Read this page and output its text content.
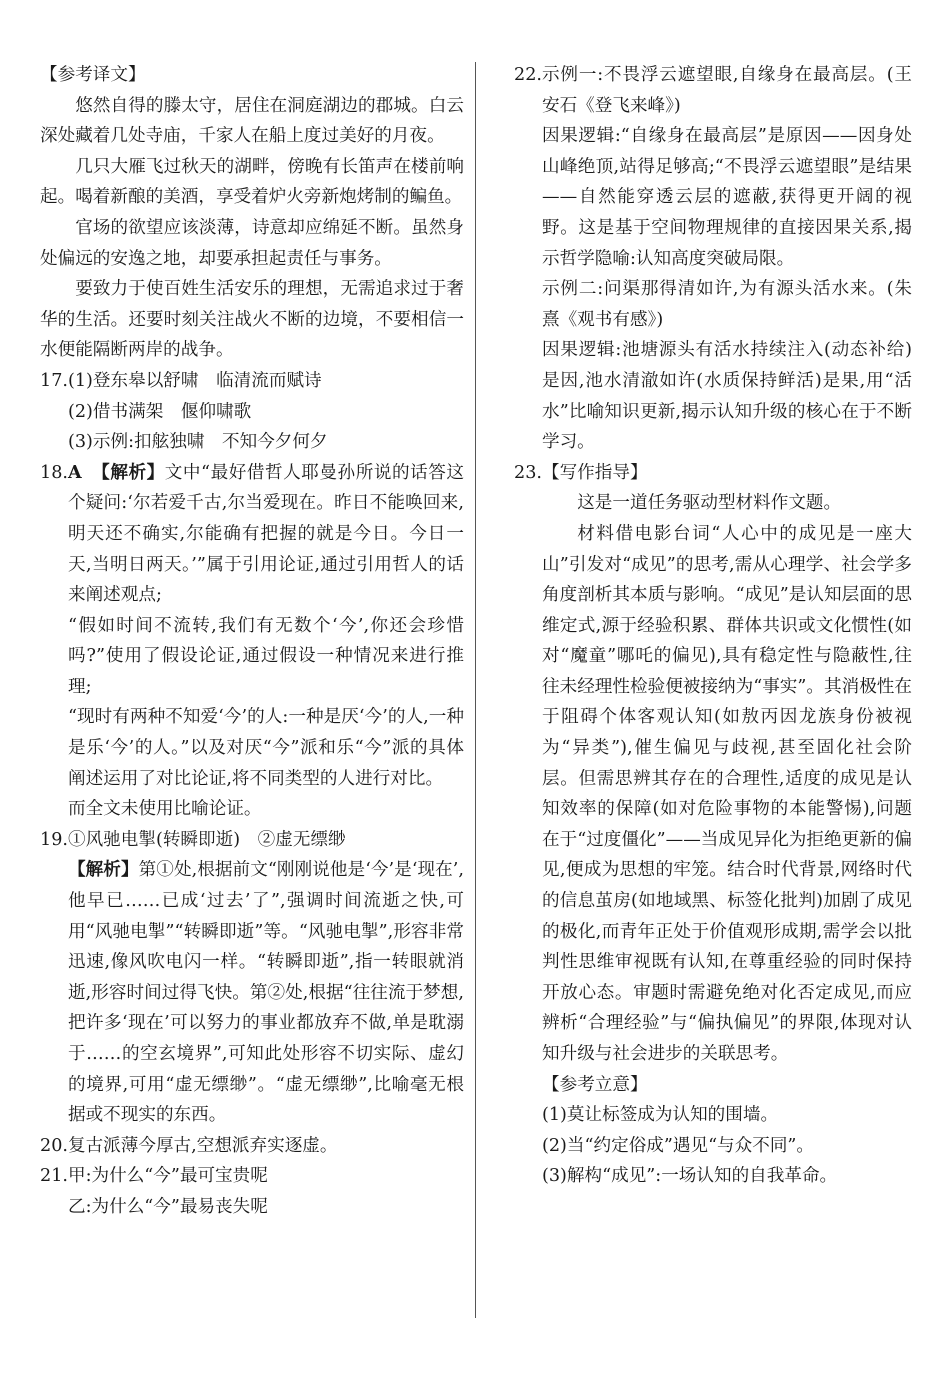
【参考译文】

悠然自得的滕太守，居住在洞庭湖边的郡城。白云深处藏着几处寺庙，千家人在船上度过美好的月夜。

几只大雁飞过秋天的湖畔，傍晚有长笛声在楼前响起。喝着新酿的美酒，享受着炉火旁新炮烤制的鳊鱼。

官场的欲望应该淡薄，诗意却应绵延不断。虽然身处偏远的安逸之地，却要承担起责任与事务。

要致力于使百姓生活安乐的理想，无需追求过于奢华的生活。还要时刻关注战火不断的边境，不要相信一水便能隔断两岸的战争。

17. (1)登东皋以舒啸　临清流而赋诗

(2)借书满架　偃仰啸歌

(3)示例:扣舷独啸　不知今夕何夕

18. A 【解析】文中“最好借哲人耶曼孙所说的话答这个疑问:‘尔若爱千古,尔当爱现在。昨日不能唤回来,明天还不确实,尔能确有把握的就是今日。今日一天,当明日两天。’”属于引用论证,通过引用哲人的话来阐述观点;

“假如时间不流转,我们有无数个‘今’,你还会珍惜吗?”使用了假设论证,通过假设一种情况来进行推理;

“现时有两种不知爱‘今’的人:一种是厌‘今’的人,一种是乐‘今’的人。”以及对厌“今”派和乐“今”派的具体阐述运用了对比论证,将不同类型的人进行对比。

而全文未使用比喻论证。

19. ①风驰电掣(转瞬即逝)　②虚无缥缈

【解析】第①处,根据前文“刚刚说他是‘今’是‘现在’,他早已……已成‘过去’了”,强调时间流逝之快,可用“风驰电掣”“转瞬即逝”等。“风驰电掣”,形容非常迅速,像风吹电闪一样。“转瞬即逝”,指一转眼就消逝,形容时间过得飞快。第②处,根据“往往流于梦想,把许多‘现在’可以努力的事业都放弃不做,单是耽溺于……的空玄境界”,可知此处形容不切实际、虚幻的境界,可用“虚无缥缈”。“虚无缥缈”,比喻毫无根据或不现实的东西。

20. 复古派薄今厚古,空想派弃实逐虚。

21. 甲:为什么“今”最可宝贵呢

乙:为什么“今”最易丧失呢

22. 示例一:不畏浮云遮望眼,自缘身在最高层。(王安石《登飞来峰》)

因果逻辑:“自缘身在最高层”是原因——因身处山峰绝顶,站得足够高;“不畏浮云遮望眼”是结果——自然能穿透云层的遮蔽,获得更开阔的视野。这是基于空间物理规律的直接因果关系,揭示哲学隐喻:认知高度突破局限。

示例二:问渠那得清如许,为有源头活水来。(朱熹《观书有感》)

因果逻辑:池塘源头有活水持续注入(动态补给)是因,池水清澈如许(水质保持鲜活)是果,用“活水”比喻知识更新,揭示认知升级的核心在于不断学习。

23. 【写作指导】

这是一道任务驱动型材料作文题。

材料借电影台词“人心中的成见是一座大山”引发对“成见”的思考,需从心理学、社会学多角度剖析其本质与影响。“成见”是认知层面的思维定式,源于经验积累、群体共识或文化惯性(如对“魔童”哪吒的偏见),具有稳定性与隐蔽性,往往未经理性检验便被接纳为“事实”。其消极性在于阻碍个体客观认知(如敖丙因龙族身份被视为“异类”),催生偏见与歧视,甚至固化社会阶层。但需思辨其存在的合理性,适度的成见是认知效率的保障(如对危险事物的本能警惕),问题在于“过度僵化”——当成见异化为拒绝更新的偏见,便成为思想的牢笼。结合时代背景,网络时代的信息茧房(如地域黑、标签化批判)加剧了成见的极化,而青年正处于价值观形成期,需学会以批判性思维审视既有认知,在尊重经验的同时保持开放心态。审题时需避免绝对化否定成见,而应辨析“合理经验”与“偏执偏见”的界限,体现对认知升级与社会进步的关联思考。

【参考立意】

(1)莫让标签成为认知的围墙。

(2)当“约定俗成”遇见“与众不同”。

(3)解构“成见”:一场认知的自我革命。
